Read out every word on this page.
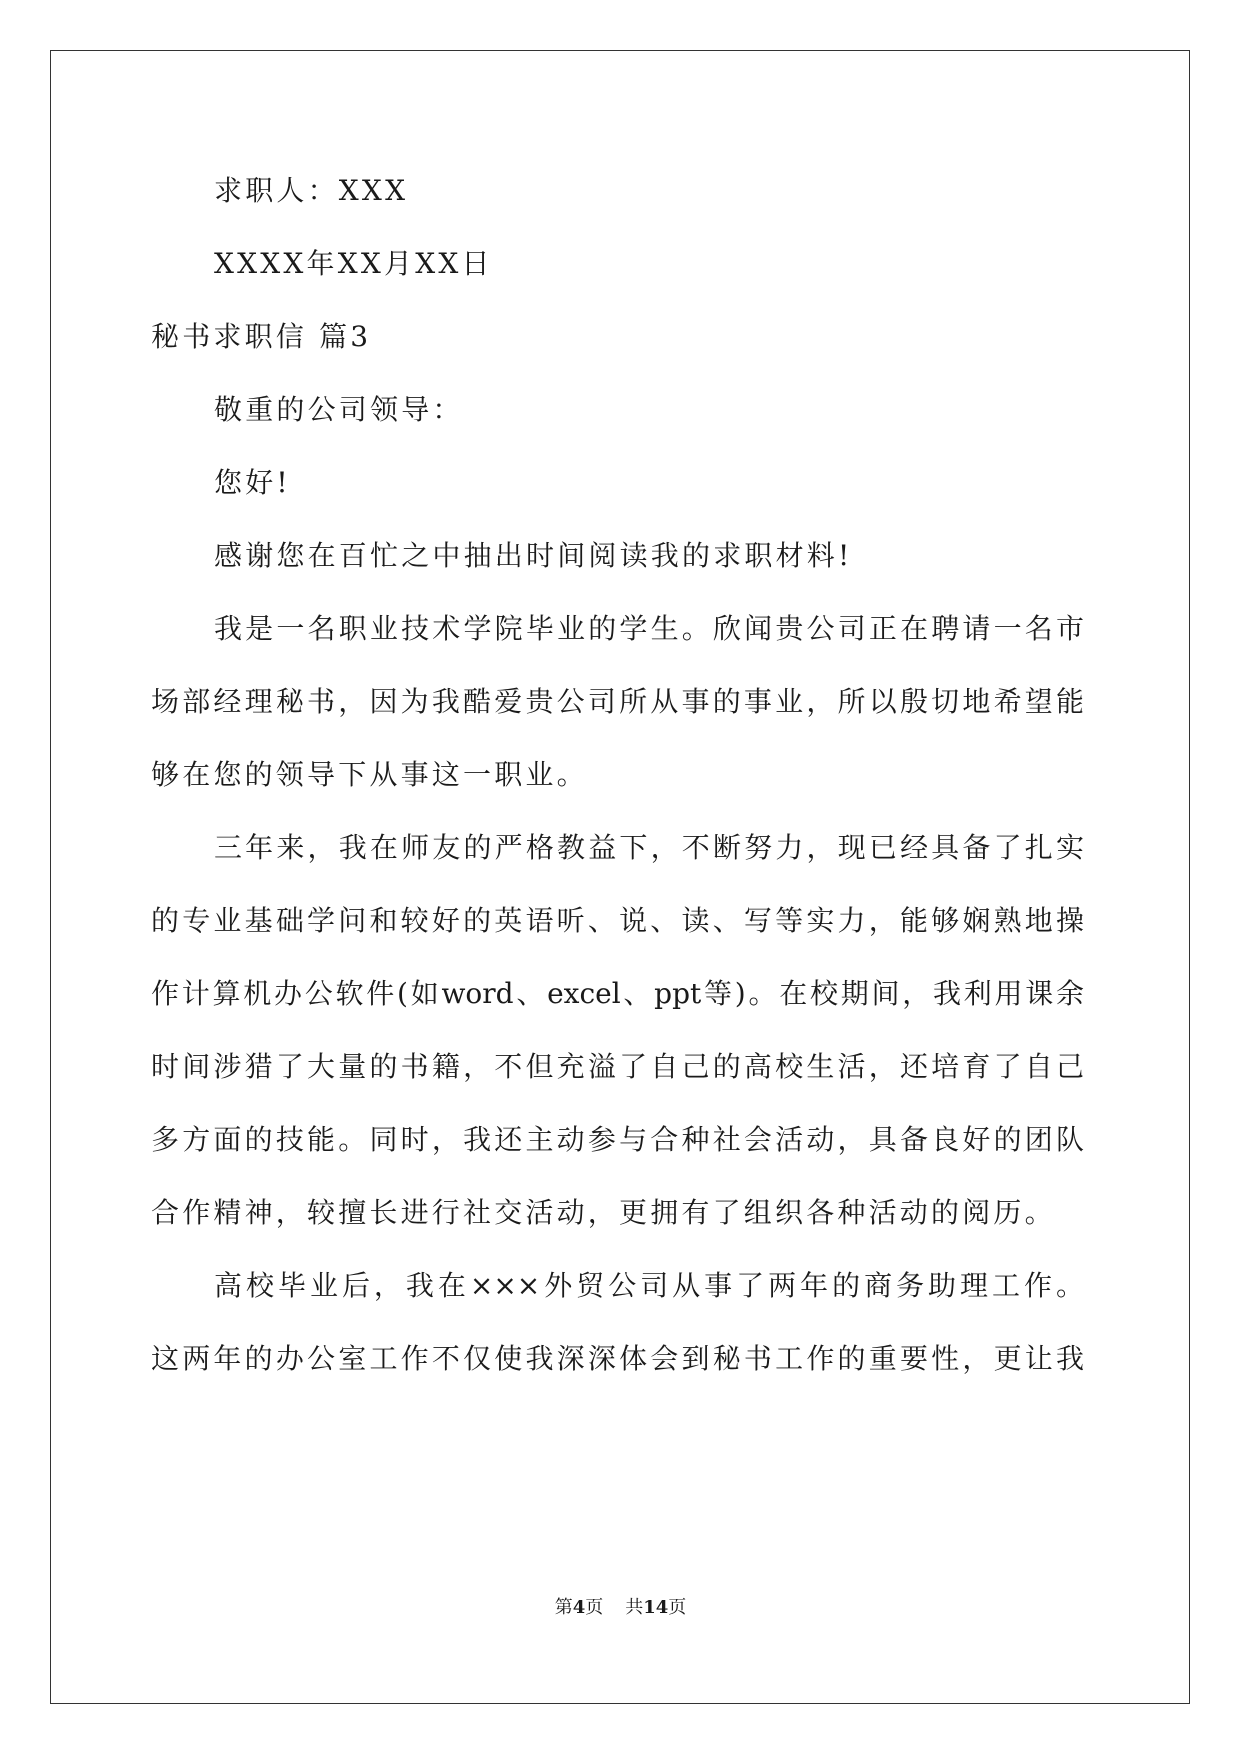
求职人：XXX
XXXX年XX月XX日
秘书求职信 篇3
敬重的公司领导：
您好!
感谢您在百忙之中抽出时间阅读我的求职材料!
我是一名职业技术学院毕业的学生。欣闻贵公司正在聘请一名市
场部经理秘书，因为我酷爱贵公司所从事的事业，所以殷切地希望能
够在您的领导下从事这一职业。
三年来，我在师友的严格教益下，不断努力，现已经具备了扎实
的专业基础学问和较好的英语听、说、读、写等实力，能够娴熟地操
作计算机办公软件(如word、excel、ppt等)。在校期间，我利用课余
时间涉猎了大量的书籍，不但充溢了自己的高校生活，还培育了自己
多方面的技能。同时，我还主动参与合种社会活动，具备良好的团队
合作精神，较擅长进行社交活动，更拥有了组织各种活动的阅历。
高校毕业后，我在×××外贸公司从事了两年的商务助理工作。
这两年的办公室工作不仅使我深深体会到秘书工作的重要性，更让我
第4页 共14页
